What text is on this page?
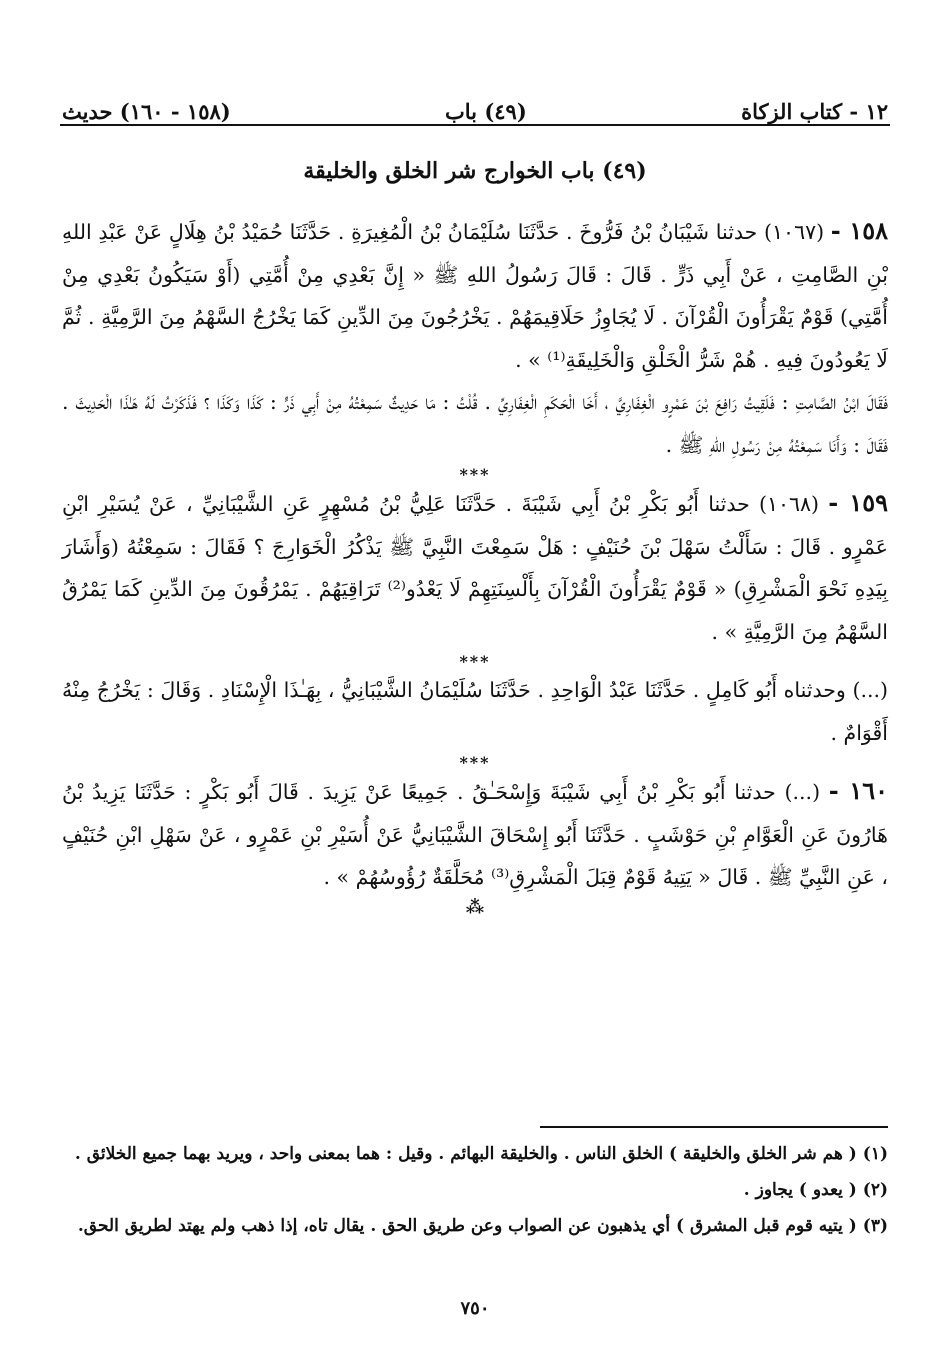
١٢ - كتاب الزكاة
(٤٩) باب
(١٥٨ - ١٦٠) حديث
(٤٩) باب الخوارج شر الخلق والخليقة

١٥٨ - (١٠٦٧) حدثنا شَيْبَانُ بْنُ فَرُّوخَ . حَدَّثَنَا سُلَيْمَانُ بْنُ الْمُغِيرَةِ . حَدَّثَنَا حُمَيْدُ بْنُ هِلَالٍ عَنْ عَبْدِ اللهِ بْنِ الصَّامِتِ ، عَنْ أَبِي ذَرٍّ . قَالَ : قَالَ رَسُولُ اللهِ ﷺ « إِنَّ بَعْدِي مِنْ أُمَّتِي (أَوْ سَيَكُونُ بَعْدِي مِنْ أُمَّتِي) قَوْمٌ يَقْرَأُونَ الْقُرْآنَ . لَا يُجَاوِزُ حَلَاقِيمَهُمْ . يَخْرُجُونَ مِنَ الدِّينِ كَمَا يَخْرُجُ السَّهْمُ مِنَ الرَّمِيَّةِ . ثُمَّ لَا يَعُودُونَ فِيهِ . هُمْ شَرُّ الْخَلْقِ وَالْخَلِيقَةِ⁽¹⁾ » .

فَقَالَ ابْنُ الصَّامِتِ : فَلَقِيتُ رَافِعَ بْنَ عَمْرٍو الْغِفَارِيَّ ، أَخَا الْحَكَمِ الْغِفَارِيِّ . قُلْتُ : مَا حَدِيثٌ سَمِعْتُهُ مِنْ أَبِي ذَرٍّ : كَذَا وَكَذَا ؟ فَذَكَرْتُ لَهُ هَـٰذَا الْحَدِيثَ . فَقَالَ : وَأَنَا سَمِعْتُهُ مِنْ رَسُولِ اللهِ ﷺ .

***

١٥٩ - (١٠٦٨) حدثنا أَبُو بَكْرِ بْنُ أَبِي شَيْبَةَ . حَدَّثَنَا عَلِيُّ بْنُ مُسْهِرٍ عَنِ الشَّيْبَانِيِّ ، عَنْ يُسَيْرِ ابْنِ عَمْرٍو . قَالَ : سَأَلْتُ سَهْلَ بْنَ حُنَيْفٍ : هَلْ سَمِعْتَ النَّبِيَّ ﷺ يَذْكُرُ الْخَوَارِجَ ؟ فَقَالَ : سَمِعْتُهُ (وَأَشَارَ بِيَدِهِ نَحْوَ الْمَشْرِقِ) « قَوْمٌ يَقْرَأُونَ الْقُرْآنَ بِأَلْسِنَتِهِمْ لَا يَعْدُو⁽²⁾ تَرَاقِيَهُمْ . يَمْرُقُونَ مِنَ الدِّينِ كَمَا يَمْرُقُ السَّهْمُ مِنَ الرَّمِيَّةِ » .

***

(...) وحدثناه أَبُو كَامِلٍ . حَدَّثَنَا عَبْدُ الْوَاحِدِ . حَدَّثَنَا سُلَيْمَانُ الشَّيْبَانِيُّ ، بِهَـٰذَا الْإِسْنَادِ . وَقَالَ : يَخْرُجُ مِنْهُ أَقْوَامٌ .

***

١٦٠ - (...) حدثنا أَبُو بَكْرِ بْنُ أَبِي شَيْبَةَ وَإِسْحَـٰقُ . جَمِيعًا عَنْ يَزِيدَ . قَالَ أَبُو بَكْرٍ : حَدَّثَنَا يَزِيدُ بْنُ هَارُونَ عَنِ الْعَوَّامِ بْنِ حَوْشَبٍ . حَدَّثَنَا أَبُو إِسْحَاقَ الشَّيْبَانِيُّ عَنْ أُسَيْرِ بْنِ عَمْرٍو ، عَنْ سَهْلِ ابْنِ حُنَيْفٍ ، عَنِ النَّبِيِّ ﷺ . قَالَ « يَتِيهُ قَوْمٌ قِبَلَ الْمَشْرِقِ⁽³⁾ مُحَلَّقَةٌ رُؤُوسُهُمْ » .

⁂

(١) ( هم شر الخلق والخليقة ) الخلق الناس . والخليقة البهائم . وقيل : هما بمعنى واحد ، ويريد بهما جميع الخلائق .

(٢) ( يعدو ) يجاوز .

(٣) ( يتيه قوم قبل المشرق ) أي يذهبون عن الصواب وعن طريق الحق . يقال تاه، إذا ذهب ولم يهتد لطريق الحق.

٧٥٠
